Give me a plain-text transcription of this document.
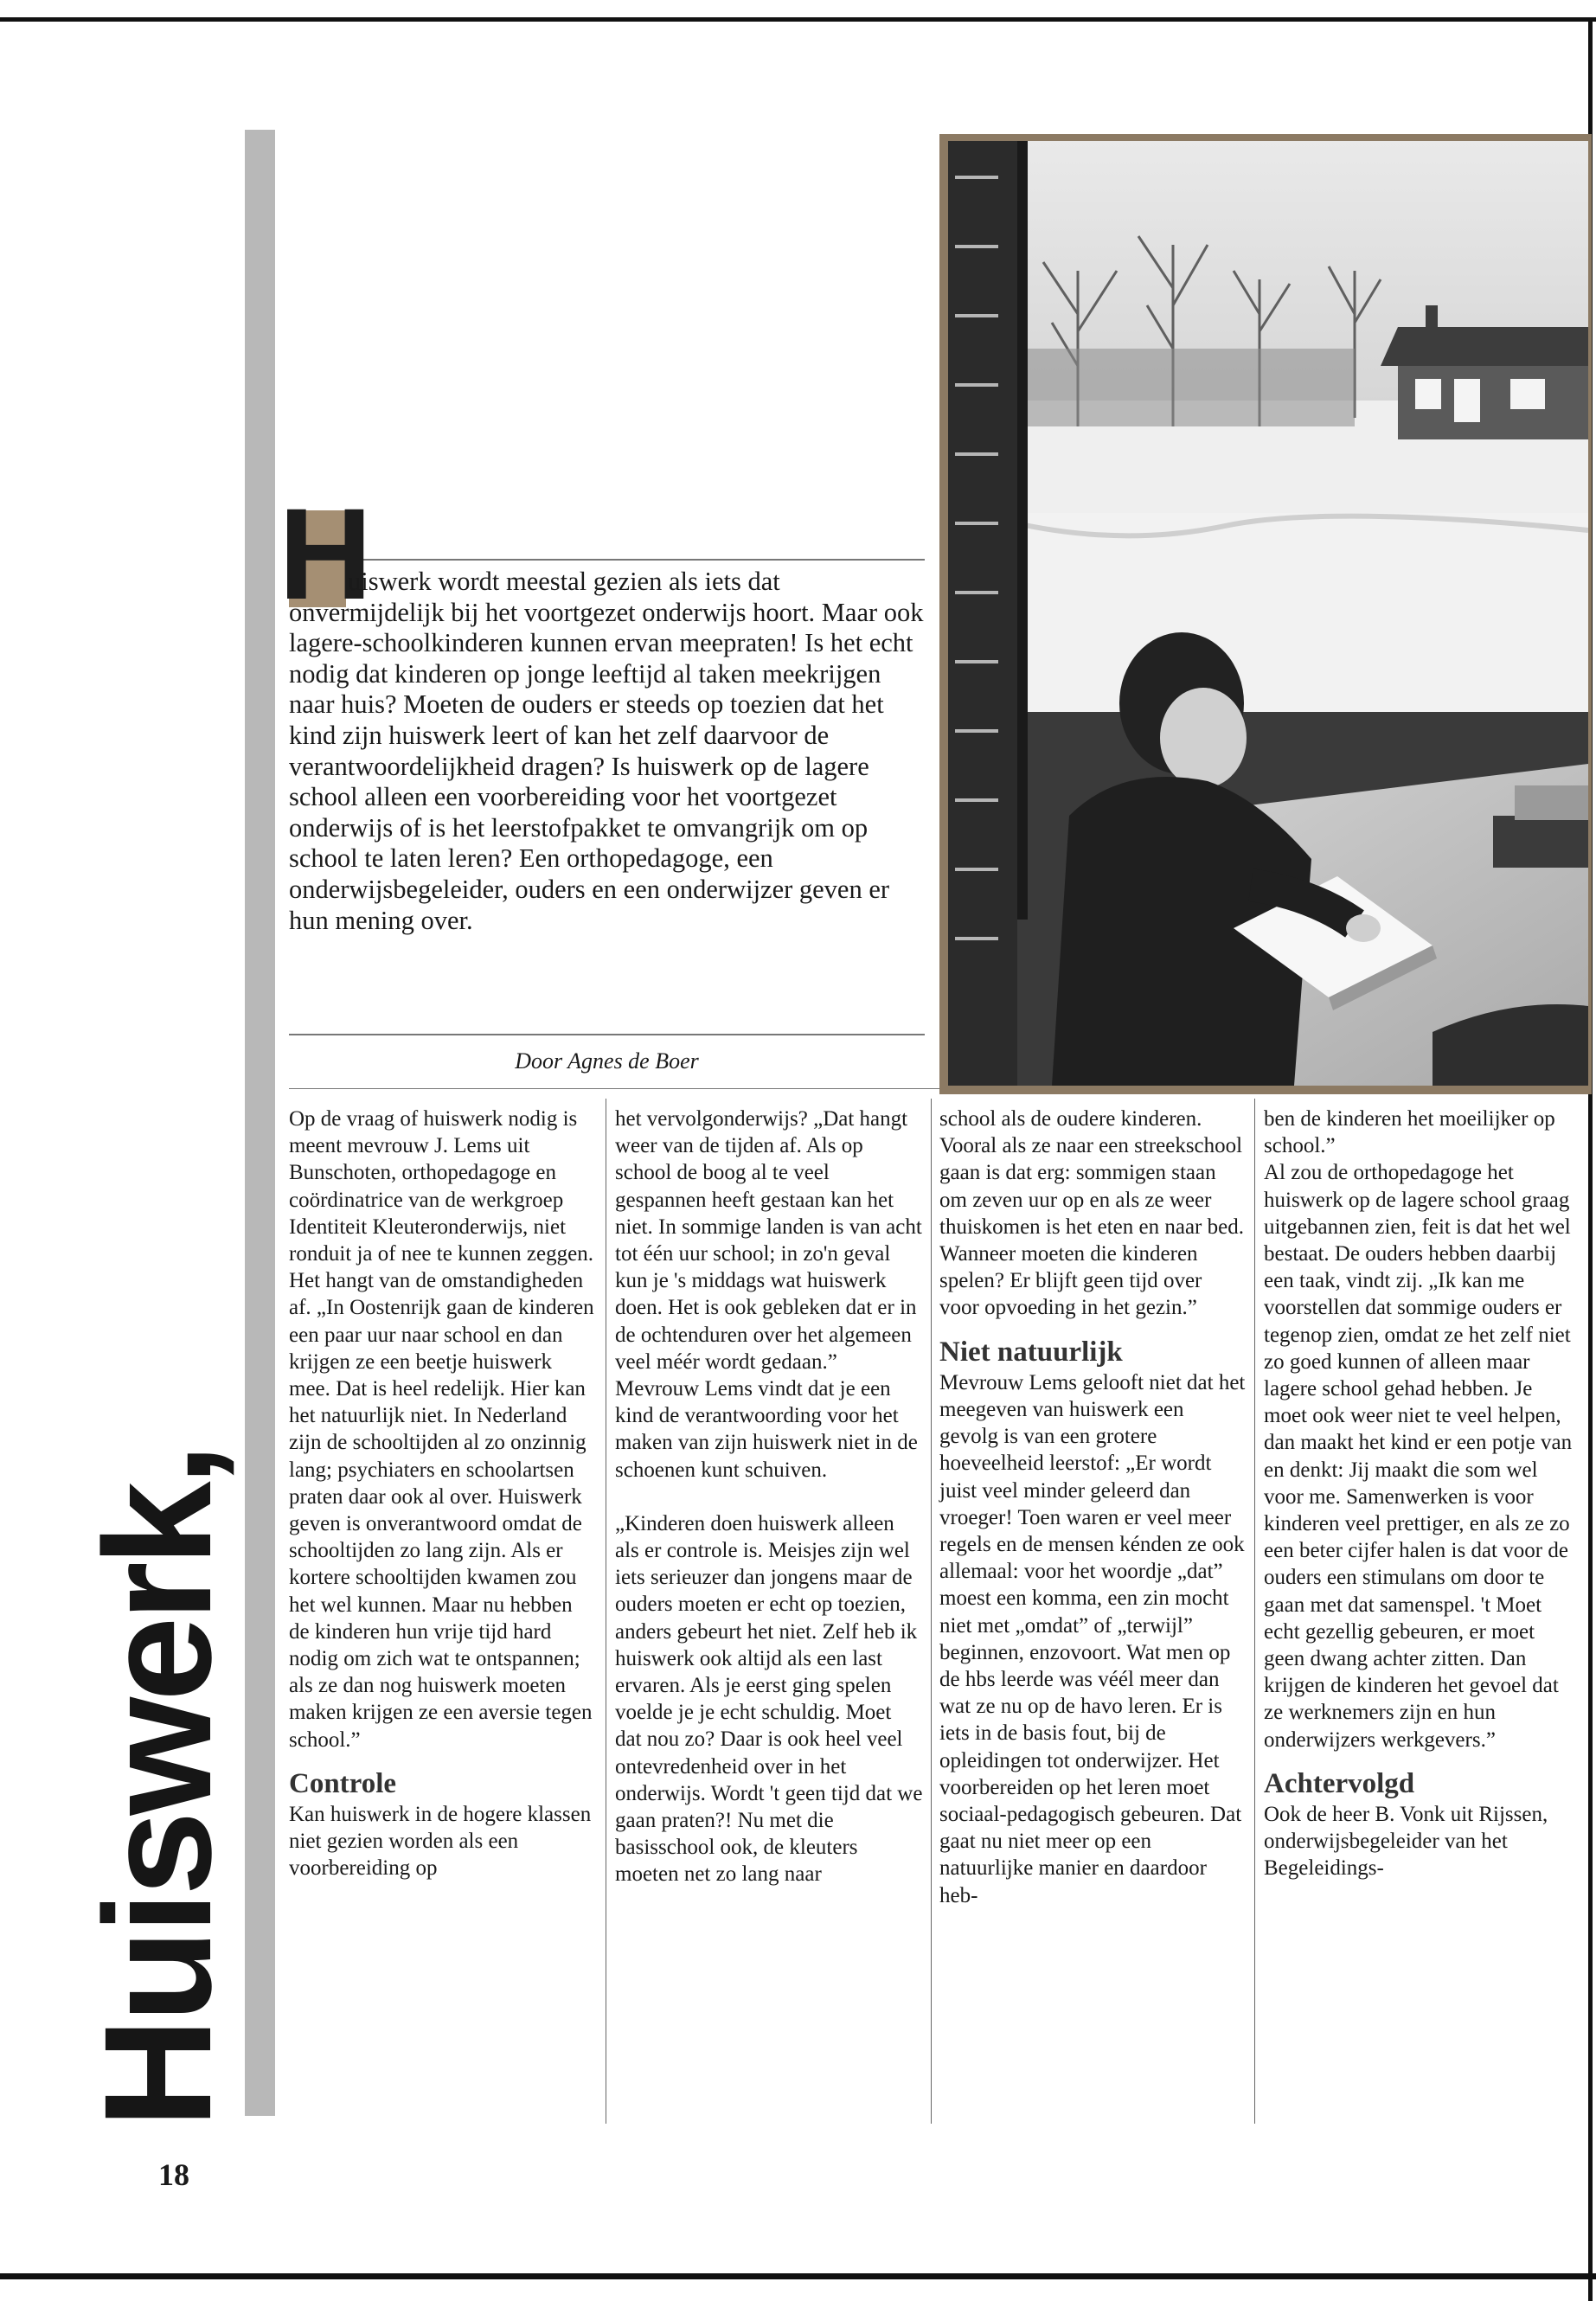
Huiswerk,
H
uiswerk wordt meestal gezien als iets dat onvermijdelijk bij het voortgezet onderwijs hoort. Maar ook lagere-schoolkinderen kunnen ervan meepraten! Is het echt nodig dat kinderen op jonge leeftijd al taken meekrijgen naar huis? Moeten de ouders er steeds op toezien dat het kind zijn huiswerk leert of kan het zelf daarvoor de verantwoordelijkheid dragen? Is huiswerk op de lagere school alleen een voorbereiding voor het voortgezet onderwijs of is het leerstofpakket te omvangrijk om op school te laten leren? Een orthopedagoge, een onderwijsbegeleider, ouders en een onderwijzer geven er hun mening over.
Door Agnes de Boer

Op de vraag of huiswerk nodig is meent mevrouw J. Lems uit Bunschoten, orthopedagoge en coördinatrice van de werkgroep Identiteit Kleuteronderwijs, niet ronduit ja of nee te kunnen zeggen. Het hangt van de omstandigheden af. „In Oostenrijk gaan de kinderen een paar uur naar school en dan krijgen ze een beetje huiswerk mee. Dat is heel redelijk. Hier kan het natuurlijk niet. In Nederland zijn de schooltijden al zo onzinnig lang; psychiaters en schoolartsen praten daar ook al over. Huiswerk geven is onverantwoord omdat de schooltijden zo lang zijn. Als er kortere schooltijden kwamen zou het wel kunnen. Maar nu hebben de kinderen hun vrije tijd hard nodig om zich wat te ontspannen; als ze dan nog huiswerk moeten maken krijgen ze een aversie tegen school.”

Controle

Kan huiswerk in de hogere klassen niet gezien worden als een voorbereiding op

het vervolgonderwijs? „Dat hangt weer van de tijden af. Als op school de boog al te veel gespannen heeft gestaan kan het niet. In sommige landen is van acht tot één uur school; in zo'n geval kun je 's middags wat huiswerk doen. Het is ook gebleken dat er in de ochtenduren over het algemeen veel méér wordt gedaan.”

Mevrouw Lems vindt dat je een kind de verantwoording voor het maken van zijn huiswerk niet in de schoenen kunt schuiven.

„Kinderen doen huiswerk alleen als er controle is. Meisjes zijn wel iets serieuzer dan jongens maar de ouders moeten er echt op toezien, anders gebeurt het niet. Zelf heb ik huiswerk ook altijd als een last ervaren. Als je eerst ging spelen voelde je je echt schuldig. Moet dat nou zo? Daar is ook heel veel ontevredenheid over in het onderwijs. Wordt 't geen tijd dat we gaan praten?! Nu met die basisschool ook, de kleuters moeten net zo lang naar

school als de oudere kinderen. Vooral als ze naar een streekschool gaan is dat erg: sommigen staan om zeven uur op en als ze weer thuiskomen is het eten en naar bed. Wanneer moeten die kinderen spelen? Er blijft geen tijd over voor opvoeding in het gezin.”

Niet natuurlijk

Mevrouw Lems gelooft niet dat het meegeven van huiswerk een gevolg is van een grotere hoeveelheid leerstof: „Er wordt juist veel minder geleerd dan vroeger! Toen waren er veel meer regels en de mensen kénden ze ook allemaal: voor het woordje „dat” moest een komma, een zin mocht niet met „omdat” of „terwijl” beginnen, enzovoort. Wat men op de hbs leerde was véél meer dan wat ze nu op de havo leren. Er is iets in de basis fout, bij de opleidingen tot onderwijzer. Het voorbereiden op het leren moet sociaal-pedagogisch gebeuren. Dat gaat nu niet meer op een natuurlijke manier en daardoor heb-

ben de kinderen het moeilijker op school.”

Al zou de orthopedagoge het huiswerk op de lagere school graag uitgebannen zien, feit is dat het wel bestaat. De ouders hebben daarbij een taak, vindt zij. „Ik kan me voorstellen dat sommige ouders er tegenop zien, omdat ze het zelf niet zo goed kunnen of alleen maar lagere school gehad hebben. Je moet ook weer niet te veel helpen, dan maakt het kind er een potje van en denkt: Jij maakt die som wel voor me. Samenwerken is voor kinderen veel prettiger, en als ze zo een beter cijfer halen is dat voor de ouders een stimulans om door te gaan met dat samenspel. 't Moet echt gezellig gebeuren, er moet geen dwang achter zitten. Dan krijgen de kinderen het gevoel dat ze werknemers zijn en hun onderwijzers werkgevers.”

Achtervolgd

Ook de heer B. Vonk uit Rijssen, onderwijsbegeleider van het Begeleidings-

18
